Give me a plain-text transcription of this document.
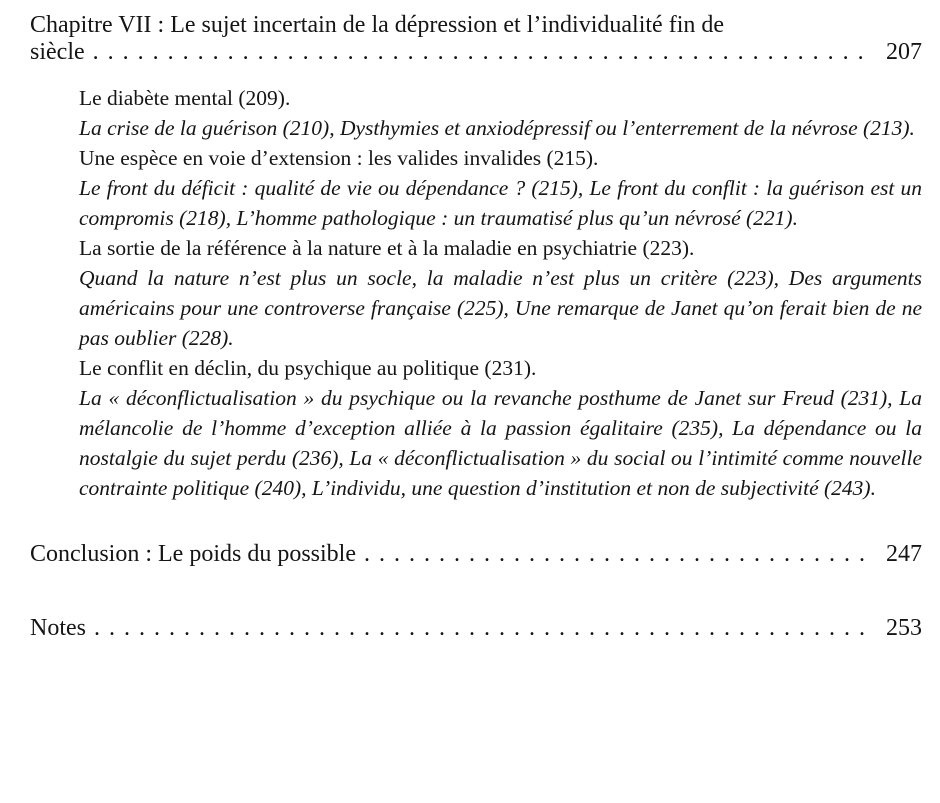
Chapitre VII : Le sujet incertain de la dépression et l’individualité fin de
siècle . . .	207

Le diabète mental (209).

La crise de la guérison (210), Dysthymies et anxiodépressif ou l’enterrement de la névrose (213).

Une espèce en voie d’extension : les valides invalides (215).

Le front du déficit : qualité de vie ou dépendance ? (215), Le front du conflit : la guérison est un compromis (218), L’homme pathologique : un traumatisé plus qu’un névrosé (221).

La sortie de la référence à la nature et à la maladie en psychiatrie (223).

Quand la nature n’est plus un socle, la maladie n’est plus un critère (223), Des arguments américains pour une controverse française (225), Une remarque de Janet qu’on ferait bien de ne pas oublier (228).

Le conflit en déclin, du psychique au politique (231).

La « déconflictualisation » du psychique ou la revanche posthume de Janet sur Freud (231), La mélancolie de l’homme d’exception alliée à la passion égalitaire (235), La dépendance ou la nostalgie du sujet perdu (236), La « déconflictualisation » du social ou l’intimité comme nouvelle contrainte politique (240), L’individu, une question d’institution et non de subjectivité (243).

Conclusion : Le poids du possible . . .	247
Notes . . .	253
